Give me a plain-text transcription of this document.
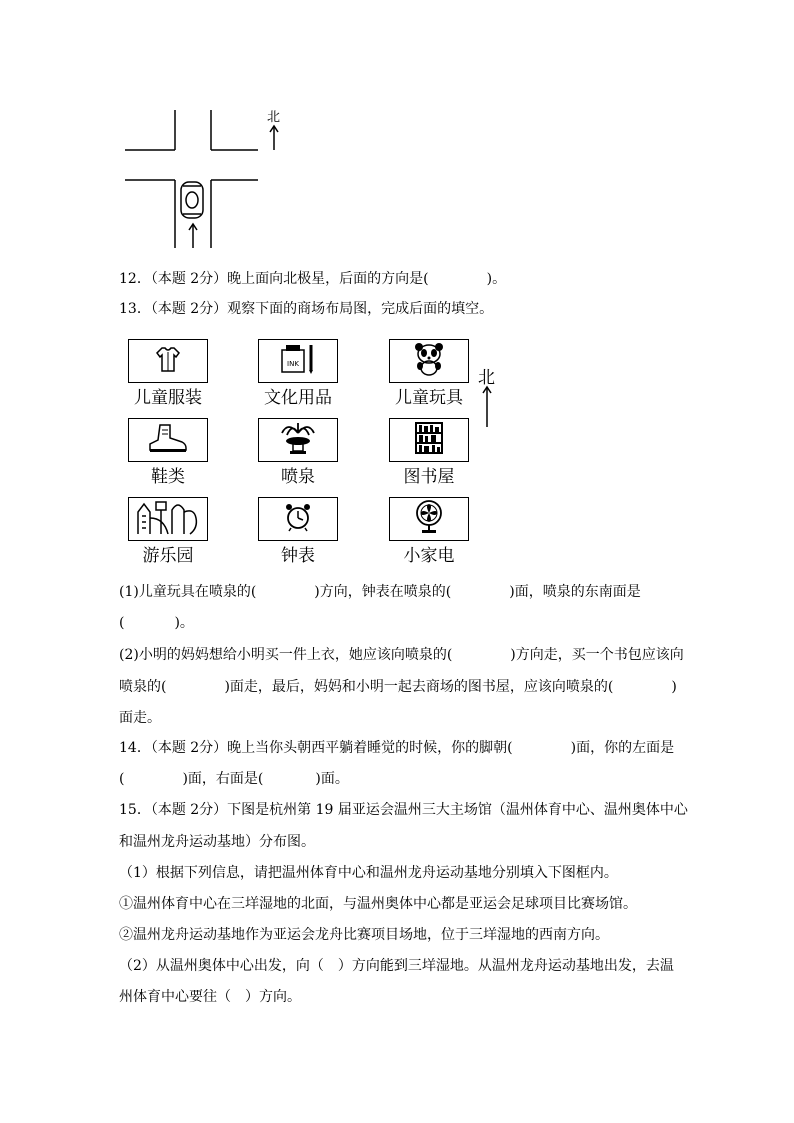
北
12．（本题 2分）晚上面向北极星，后面的方向是(	)。
13．（本题 2分）观察下面的商场布局图，完成后面的填空。
儿童服装
INK
文化用品	儿童玩具
鞋类	喷泉	图书屋
游乐园	钟表	小家电
北
(1)儿童玩具在喷泉的(	)方向，钟表在喷泉的(	)面，喷泉的东南面是
(	)。
(2)小明的妈妈想给小明买一件上衣，她应该向喷泉的(	)方向走，买一个书包应该向
喷泉的(	)面走，最后，妈妈和小明一起去商场的图书屋，应该向喷泉的(	)
面走。
14．（本题 2分）晚上当你头朝西平躺着睡觉的时候，你的脚朝(	)面，你的左面是
(	)面，右面是(	)面。
15．（本题 2分）下图是杭州第 19 届亚运会温州三大主场馆（温州体育中心、温州奥体中心
和温州龙舟运动基地）分布图。
（1）根据下列信息，请把温州体育中心和温州龙舟运动基地分别填入下图框内。
①温州体育中心在三垟湿地的北面，与温州奥体中心都是亚运会足球项目比赛场馆。
②温州龙舟运动基地作为亚运会龙舟比赛项目场地，位于三垟湿地的西南方向。
（2）从温州奥体中心出发，向（　）方向能到三垟湿地。从温州龙舟运动基地出发，去温
州体育中心要往（　）方向。
